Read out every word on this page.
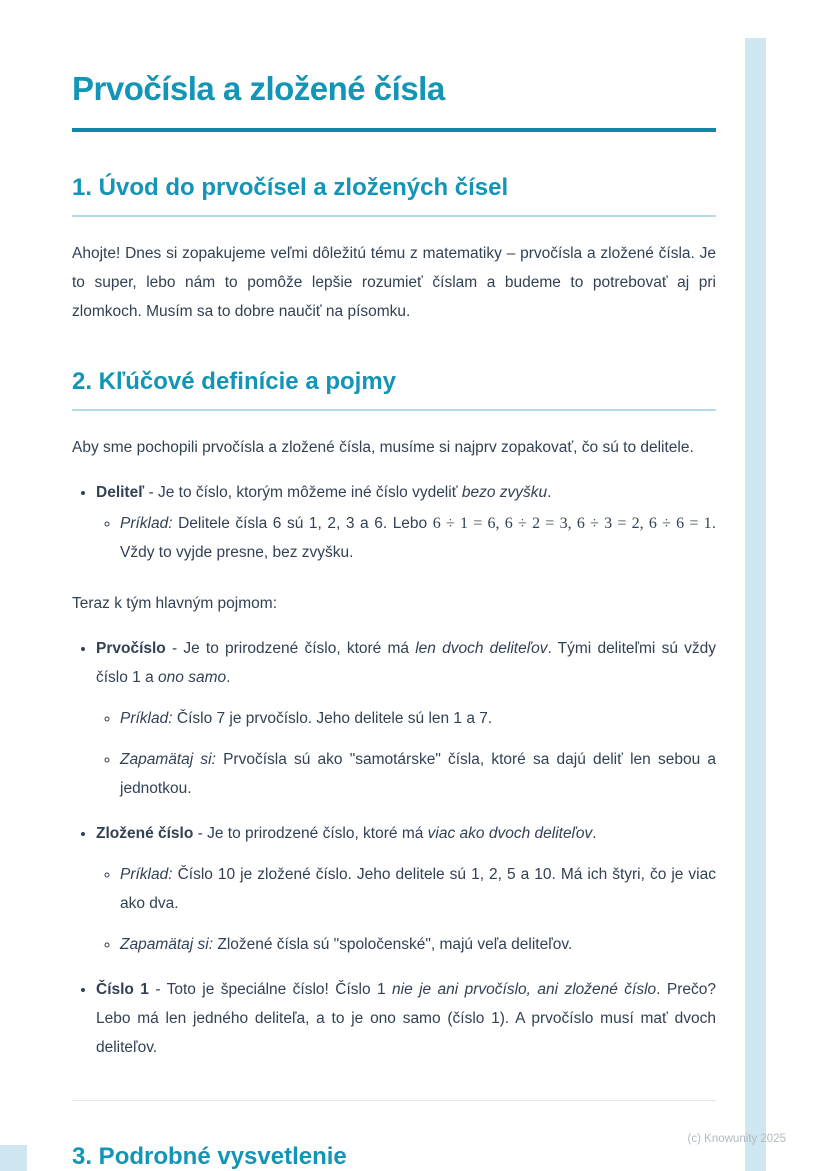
Prvočísla a zložené čísla
1. Úvod do prvočísel a zložených čísel

Ahojte! Dnes si zopakujeme veľmi dôležitú tému z matematiky – prvočísla a zložené čísla. Je to super, lebo nám to pomôže lepšie rozumieť číslam a budeme to potrebovať aj pri zlomkoch. Musím sa to dobre naučiť na písomku.

2. Kľúčové definície a pojmy

Aby sme pochopili prvočísla a zložené čísla, musíme si najprv zopakovať, čo sú to delitele.

• Deliteľ - Je to číslo, ktorým môžeme iné číslo vydeliť bezo zvyšku.
◦ Príklad: Delitele čísla 6 sú 1, 2, 3 a 6. Lebo 6 ÷ 1 = 6, 6 ÷ 2 = 3, 6 ÷ 3 = 2, 6 ÷ 6 = 1. Vždy to vyjde presne, bez zvyšku.

Teraz k tým hlavným pojmom:

• Prvočíslo - Je to prirodzené číslo, ktoré má len dvoch deliteľov. Tými deliteľmi sú vždy číslo 1 a ono samo.
◦ Príklad: Číslo 7 je prvočíslo. Jeho delitele sú len 1 a 7.
◦ Zapamätaj si: Prvočísla sú ako "samotárske" čísla, ktoré sa dajú deliť len sebou a jednotkou.
• Zložené číslo - Je to prirodzené číslo, ktoré má viac ako dvoch deliteľov.
◦ Príklad: Číslo 10 je zložené číslo. Jeho delitele sú 1, 2, 5 a 10. Má ich štyri, čo je viac ako dva.
◦ Zapamätaj si: Zložené čísla sú "spoločenské", majú veľa deliteľov.
• Číslo 1 - Toto je špeciálne číslo! Číslo 1 nie je ani prvočíslo, ani zložené číslo. Prečo? Lebo má len jedného deliteľa, a to je ono samo (číslo 1). A prvočíslo musí mať dvoch deliteľov.
3. Podrobné vysvetlenie
(c) Knowunity 2025
